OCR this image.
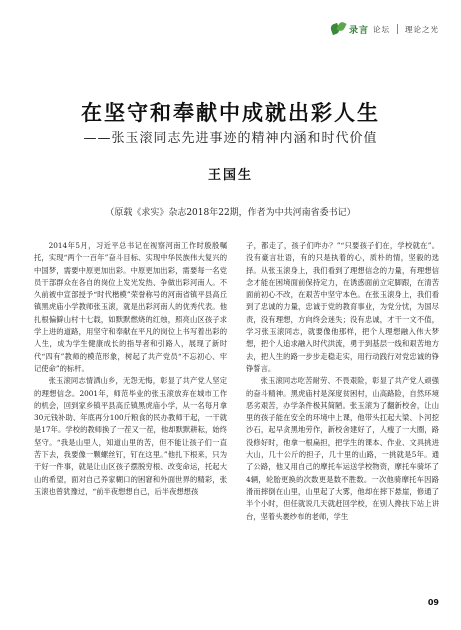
录言 论坛 理论之光
在坚守和奉献中成就出彩人生
——张玉滚同志先进事迹的精神内涵和时代价值
王国生
（原载《求实》杂志2018年22期，作者为中共河南省委书记）

2014年5月，习近平总书记在视察河南工作时殷殷嘱托，实现“两个一百年”奋斗目标、实现中华民族伟大复兴的中国梦，需要中原更加出彩。中原更加出彩，需要每一名党员干部群众在各自的岗位上发光发热、争做出彩河南人。不久前被中宣部授予“时代楷模”荣誉称号的河南省镇平县高丘镇黑虎庙小学教师张玉滚，就是出彩河南人的优秀代表。他扎根偏僻山村十七载，如默默燃烧的红烛，照亮山区孩子求学上进的道路，用坚守和奉献在平凡的岗位上书写着出彩的人生，成为学生健康成长的指导者和引路人，展现了新时代“四有”教师的模范形象，树起了共产党员“不忘初心、牢记使命”的标杆。

张玉滚同志情洒山乡，无怨无悔，彰显了共产党人坚定的理想信念。2001年，师范毕业的张玉滚放弃在城市工作的机会，回到家乡镇平县高丘镇黑虎庙小学，从一名每月拿30元钱补助、年底再分100斤粮食的民办教师干起，一干就是17年。学校的教师换了一茬又一茬，他却默默耕耘，始终坚守。“我是山里人，知道山里的苦，但不能让孩子们一直苦下去，我要像一颗螺丝钉，钉在这里。”他扎下根来，只为干好一件事，就是让山区孩子摆脱穷根、改变命运，托起大山的希望，面对自己养家糊口的困窘和外面世界的精彩，张玉滚也曾犹豫过，“前半夜想想自己，后半夜想想孩

子，都走了，孩子们咋办？”“只要孩子们在，学校就在”。没有豪言壮语，有的只是执着的心，质朴的情，坚毅的选择。从张玉滚身上，我们看到了理想信念的力量，有理想信念才能在困境面前保持定力，在诱惑面前立定脚跟，在清苦面前初心不改，在艰苦中坚守本色。在张玉滚身上，我们看到了忠诚的力量，忠诚于党的教育事业，为党分忧，为国尽责，没有理想，方向终会迷失；没有忠诚，才干一文不值，学习张玉滚同志，就要像他那样，把个人理想融入伟大梦想，把个人追求融入时代洪流，勇于到基层一线和艰苦地方去，把人生的路一步步走稳走实，用行动践行对党忠诚的铮铮誓言。

张玉滚同志吃苦耐劳、不畏艰险，彰显了共产党人顽强的奋斗精神。黑虎庙村是深度贫困村，山高路险，自然环境恶劣艰苦，办学条件极其简陋。张玉滚为了翻新校舍，让山里的孩子能在安全的环境中上课，他带头扛起大梁、卜河挖沙石，起早贪黑地劳作，新校舍建好了，人瘦了一大圈，路没修好时，他拿一根扁担，把学生的课本、作业、文具挑进大山，几十公斤的担子，几十里的山路，一挑就是5年。通了公路，他又用自己的摩托车运送学校物资，摩托车骑坏了4辆，轮胎更换的次数更是数不胜数。一次他骑摩托车因路滑而摔倒在山里，山里起了大雾，他却在摔下悬崖，修通了半个小时，但任就说几天就赶回学校，在别人搀扶下站上讲台，坚着头裹纱布的老师，学生

09
